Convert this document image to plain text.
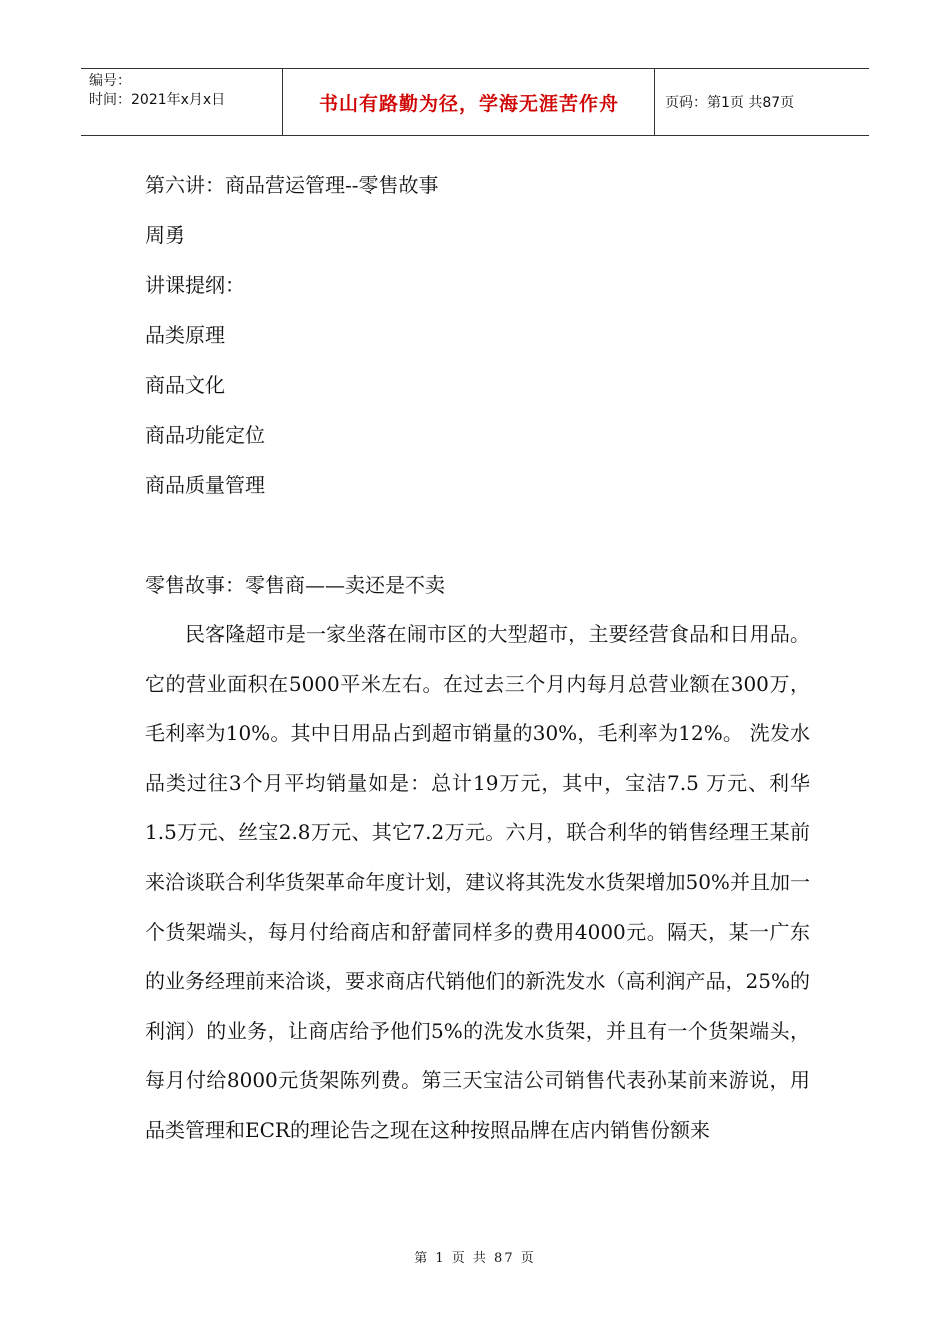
编号：
时间：2021年x月x日	书山有路勤为径，学海无涯苦作舟	页码：第1页 共87页
第六讲：商品营运管理--零售故事
周勇
讲课提纲：
品类原理
商品文化
商品功能定位
商品质量管理
零售故事：零售商——卖还是不卖

民客隆超市是一家坐落在闹市区的大型超市，主要经营食品和日用品。它的营业面积在5000平米左右。在过去三个月内每月总营业额在300万，毛利率为10%。其中日用品占到超市销量的30%，毛利率为12%。 洗发水品类过往3个月平均销量如是：总计19万元，其中，宝洁7.5 万元、利华1.5万元、丝宝2.8万元、其它7.2万元。六月，联合利华的销售经理王某前来洽谈联合利华货架革命年度计划，建议将其洗发水货架增加50%并且加一个货架端头，每月付给商店和舒蕾同样多的费用4000元。隔天，某一广东的业务经理前来洽谈，要求商店代销他们的新洗发水（高利润产品，25%的利润）的业务，让商店给予他们5%的洗发水货架，并且有一个货架端头，每月付给8000元货架陈列费。第三天宝洁公司销售代表孙某前来游说，用品类管理和ECR的理论告之现在这种按照品牌在店内销售份额来

第 1 页 共 87 页
